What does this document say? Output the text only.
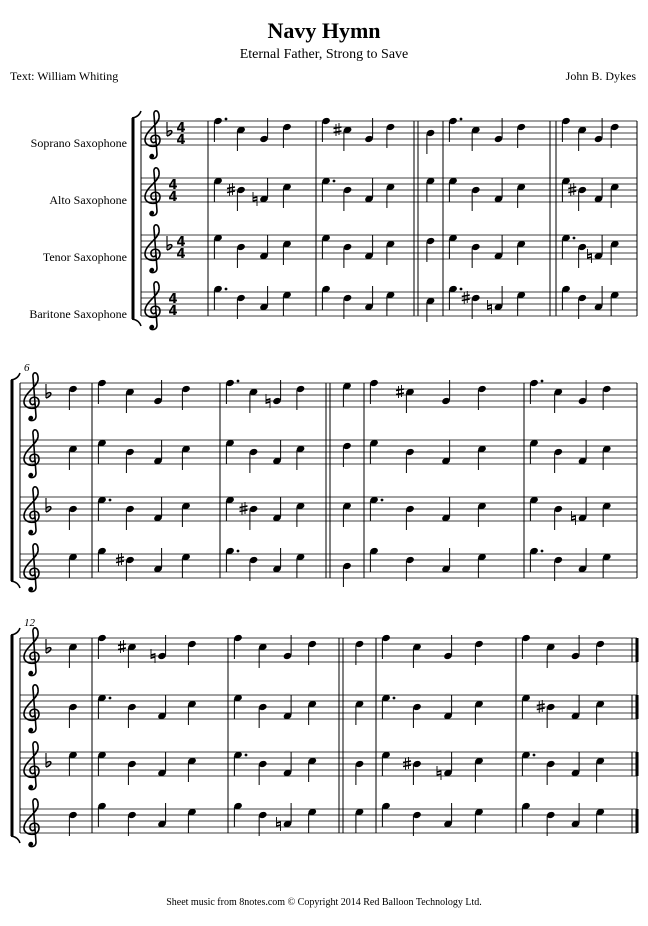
Navy Hymn
Eternal Father, Strong to Save
Text: William Whiting	John B. Dykes
Soprano Saxophone
Alto Saxophone
Tenor Saxophone
Baritone Saxophone
6
12
4
4
4
4
4
4
4
4
Sheet music from 8notes.com © Copyright 2014 Red Balloon Technology Ltd.
